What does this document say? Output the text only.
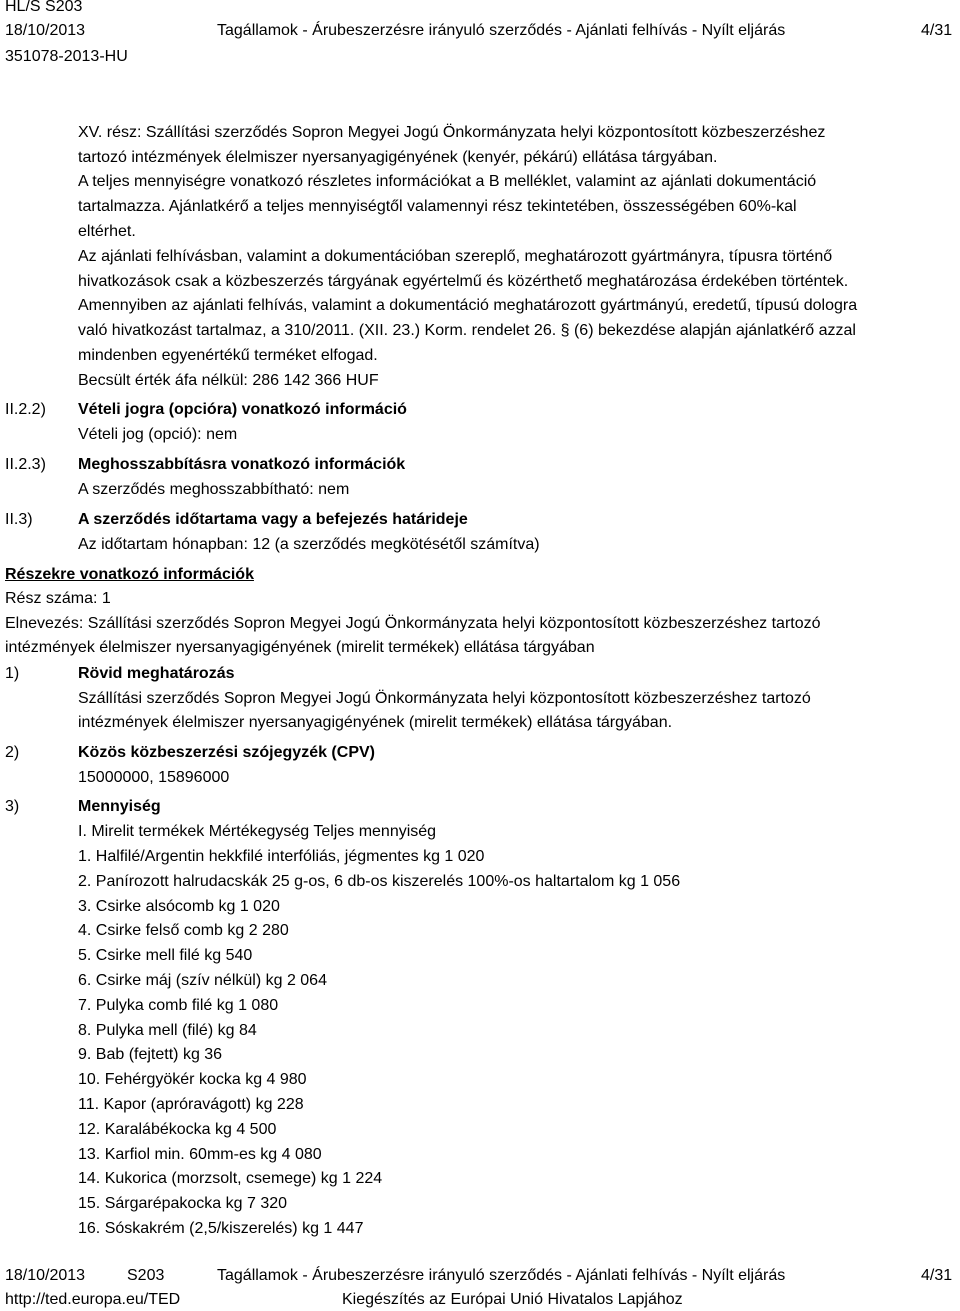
HL/S S203
18/10/2013	Tagállamok - Árubeszerzésre irányuló szerződés - Ajánlati felhívás - Nyílt eljárás	4/31
351078-2013-HU
XV. rész: Szállítási szerződés Sopron Megyei Jogú Önkormányzata helyi központosított közbeszerzéshez
tartozó intézmények élelmiszer nyersanyagigényének (kenyér, pékárú) ellátása tárgyában.
A teljes mennyiségre vonatkozó részletes információkat a B melléklet, valamint az ajánlati dokumentáció
tartalmazza. Ajánlatkérő a teljes mennyiségtől valamennyi rész tekintetében, összességében 60%-kal
eltérhet.
Az ajánlati felhívásban, valamint a dokumentációban szereplő, meghatározott gyártmányra, típusra történő
hivatkozások csak a közbeszerzés tárgyának egyértelmű és közérthető meghatározása érdekében történtek.
Amennyiben az ajánlati felhívás, valamint a dokumentáció meghatározott gyártmányú, eredetű, típusú dologra
való hivatkozást tartalmaz, a 310/2011. (XII. 23.) Korm. rendelet 26. § (6) bekezdése alapján ajánlatkérő azzal
mindenben egyenértékű terméket elfogad.
Becsült érték áfa nélkül: 286 142 366 HUF
II.2.2) Vételi jogra (opcióra) vonatkozó információ
Vételi jog (opció): nem
II.2.3) Meghosszabbításra vonatkozó információk
A szerződés meghosszabbítható: nem
II.3)	A szerződés időtartama vagy a befejezés határideje
Az időtartam hónapban: 12 (a szerződés megkötésétől számítva)
Részekre vonatkozó információk
Rész száma: 1
Elnevezés: Szállítási szerződés Sopron Megyei Jogú Önkormányzata helyi központosított közbeszerzéshez tartozó
intézmények élelmiszer nyersanyagigényének (mirelit termékek) ellátása tárgyában
1)	Rövid meghatározás
Szállítási szerződés Sopron Megyei Jogú Önkormányzata helyi központosított közbeszerzéshez tartozó
intézmények élelmiszer nyersanyagigényének (mirelit termékek) ellátása tárgyában.
2)	Közös közbeszerzési szójegyzék (CPV)
15000000, 15896000
3)	Mennyiség
I. Mirelit termékek Mértékegység Teljes mennyiség
1. Halfilé/Argentin hekkfilé interfóliás, jégmentes kg 1 020
2. Panírozott halrudacskák 25 g-os, 6 db-os kiszerelés 100%-os haltartalom kg 1 056
3. Csirke alsócomb kg 1 020
4. Csirke felső comb kg 2 280
5. Csirke mell filé kg 540
6. Csirke máj (szív nélkül) kg 2 064
7. Pulyka comb filé kg 1 080
8. Pulyka mell (filé) kg 84
9. Bab (fejtett) kg 36
10. Fehérgyökér kocka kg 4 980
11. Kapor (apróravágott) kg 228
12. Karalábékocka kg 4 500
13. Karfiol min. 60mm-es kg 4 080
14. Kukorica (morzsolt, csemege) kg 1 224
15. Sárgarépakocka kg 7 320
16. Sóskakrém (2,5/kiszerelés) kg 1 447
18/10/2013	S203	Tagállamok - Árubeszerzésre irányuló szerződés - Ajánlati felhívás - Nyílt eljárás	4/31
http://ted.europa.eu/TED	Kiegészítés az Európai Unió Hivatalos Lapjához
